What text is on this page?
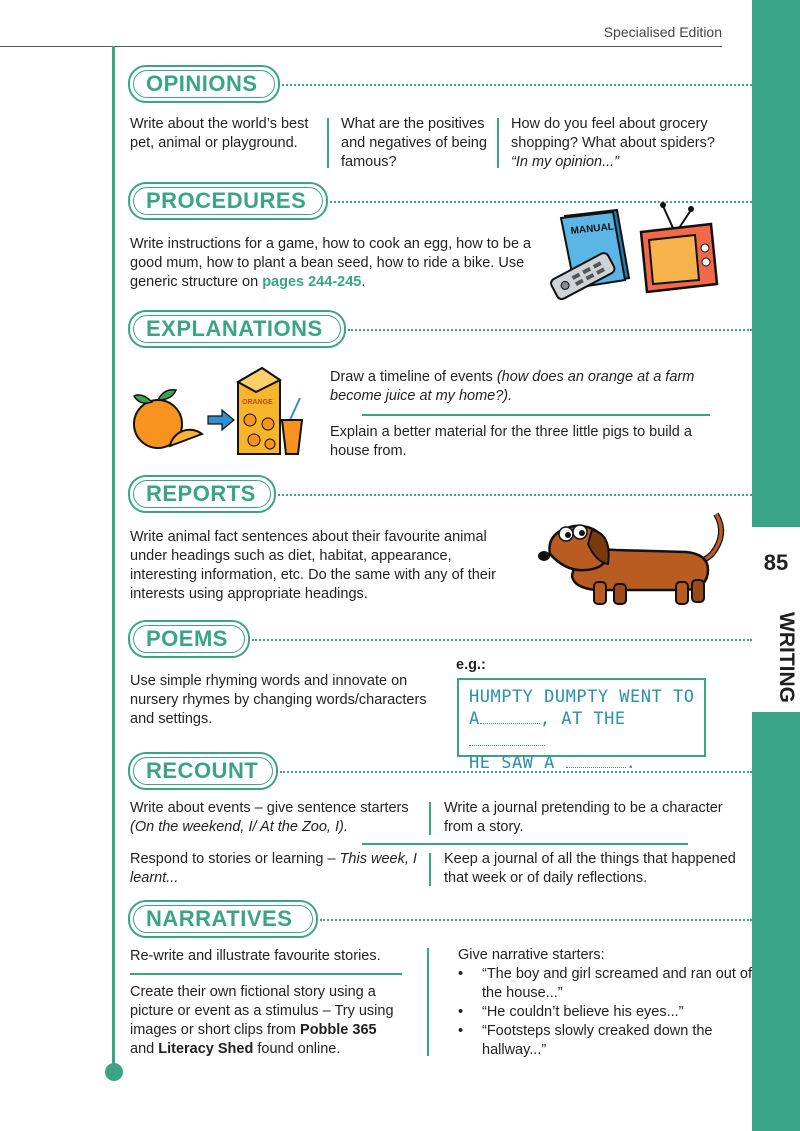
Specialised Edition
85
WRITING
OPINIONS
Write about the world’s best pet, animal or playground.
What are the positives and negatives of being famous?
How do you feel about grocery shopping? What about spiders?
“In my opinion...”
PROCEDURES
Write instructions for a game, how to cook an egg, how to be a good mum, how to plant a bean seed, how to ride a bike. Use generic structure on pages 244-245.
MANUAL
EXPLANATIONS
ORANGE
Draw a timeline of events (how does an orange at a farm become juice at my home?).
Explain a better material for the three little pigs to build a house from.
REPORTS
Write animal fact sentences about their favourite animal under headings such as diet, habitat, appearance, interesting information, etc. Do the same with any of their interests using appropriate headings.
POEMS
Use simple rhyming words and innovate on nursery rhymes by changing words/characters and settings.
e.g.:
HUMPTY DUMPTY WENT TO
A	, AT THE
HE SAW A	.
RECOUNT
Write about events – give sentence starters
(On the weekend, I/ At the Zoo, I).
Write a journal pretending to be a character from a story.
Respond to stories or learning – This week, I learnt...
Keep a journal of all the things that happened that week or of daily reflections.
NARRATIVES
Re-write and illustrate favourite stories.
Create their own fictional story using a picture or event as a stimulus – Try using images or short clips from Pobble 365 and Literacy Shed found online.
Give narrative starters:
• “The boy and girl screamed and ran out of the house...”
• “He couldn’t believe his eyes...”
• “Footsteps slowly creaked down the hallway...”
